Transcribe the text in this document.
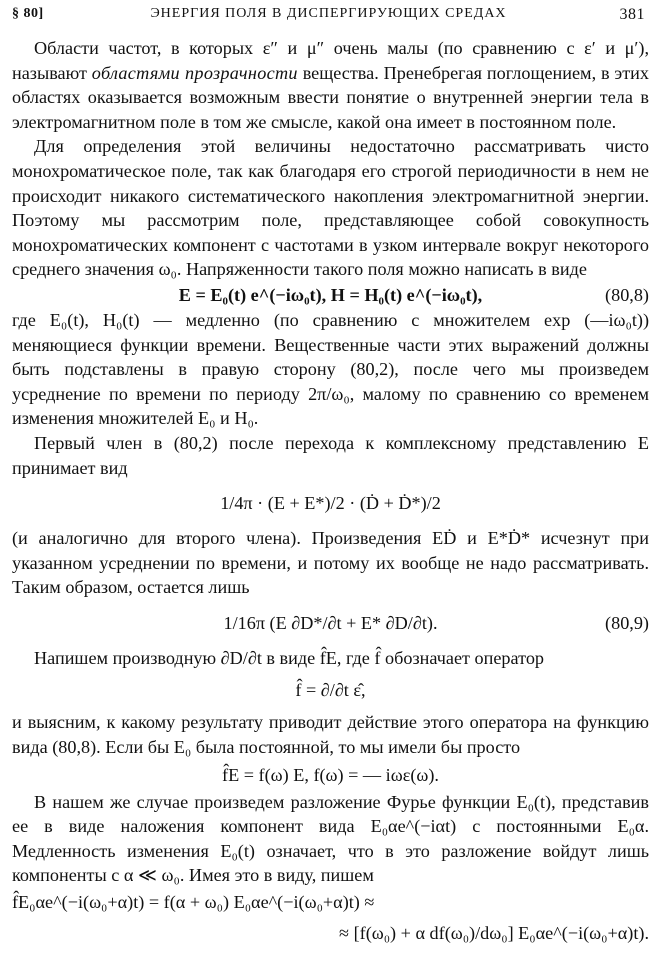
§ 80]	ЭНЕРГИЯ ПОЛЯ В ДИСПЕРГИРУЮЩИХ СРЕДАХ	381

Области частот, в которых ε″ и μ″ очень малы (по сравнению с ε′ и μ′), называют областями прозрачности вещества. Пренебрегая поглощением, в этих областях оказывается возможным ввести понятие о внутренней энергии тела в электромагнитном поле в том же смысле, какой она имеет в постоянном поле.

Для определения этой величины недостаточно рассматривать чисто монохроматическое поле, так как благодаря его строгой периодичности в нем не происходит никакого систематического накопления электромагнитной энергии. Поэтому мы рассмотрим поле, представляющее собой совокупность монохроматических компонент с частотами в узком интервале вокруг некоторого среднего значения ω₀. Напряженности такого поля можно написать в виде

E = E₀(t) e^(−iω₀t), H = H₀(t) e^(−iω₀t),	(80,8)

где E₀(t), H₀(t) — медленно (по сравнению с множителем exp (—iω₀t)) меняющиеся функции времени. Вещественные части этих выражений должны быть подставлены в правую сторону (80,2), после чего мы произведем усреднение по времени по периоду 2π/ω₀, малому по сравнению со временем изменения множителей E₀ и H₀.

Первый член в (80,2) после перехода к комплексному представлению E принимает вид

1/4π · (E + E*)/2 · (Ḋ + Ḋ*)/2

(и аналогично для второго члена). Произведения EḊ и E*Ḋ* исчезнут при указанном усреднении по времени, и потому их вообще не надо рассматривать. Таким образом, остается лишь

1/16π (E ∂D*/∂t + E* ∂D/∂t).	(80,9)

Напишем производную ∂D/∂t в виде f̂E, где f̂ обозначает оператор

f̂ = ∂/∂t ε̂,

и выясним, к какому результату приводит действие этого оператора на функцию вида (80,8). Если бы E₀ была постоянной, то мы имели бы просто

f̂E = f(ω) E, f(ω) = — iωε(ω).

В нашем же случае произведем разложение Фурье функции E₀(t), представив ее в виде наложения компонент вида E₀αe^(−iαt) с постоянными E₀α. Медленность изменения E₀(t) означает, что в это разложение войдут лишь компоненты с α ≪ ω₀. Имея это в виду, пишем

f̂E₀αe^(−i(ω₀+α)t) = f(α + ω₀) E₀αe^(−i(ω₀+α)t) ≈
≈ [f(ω₀) + α df(ω₀)/dω₀] E₀αe^(−i(ω₀+α)t).
